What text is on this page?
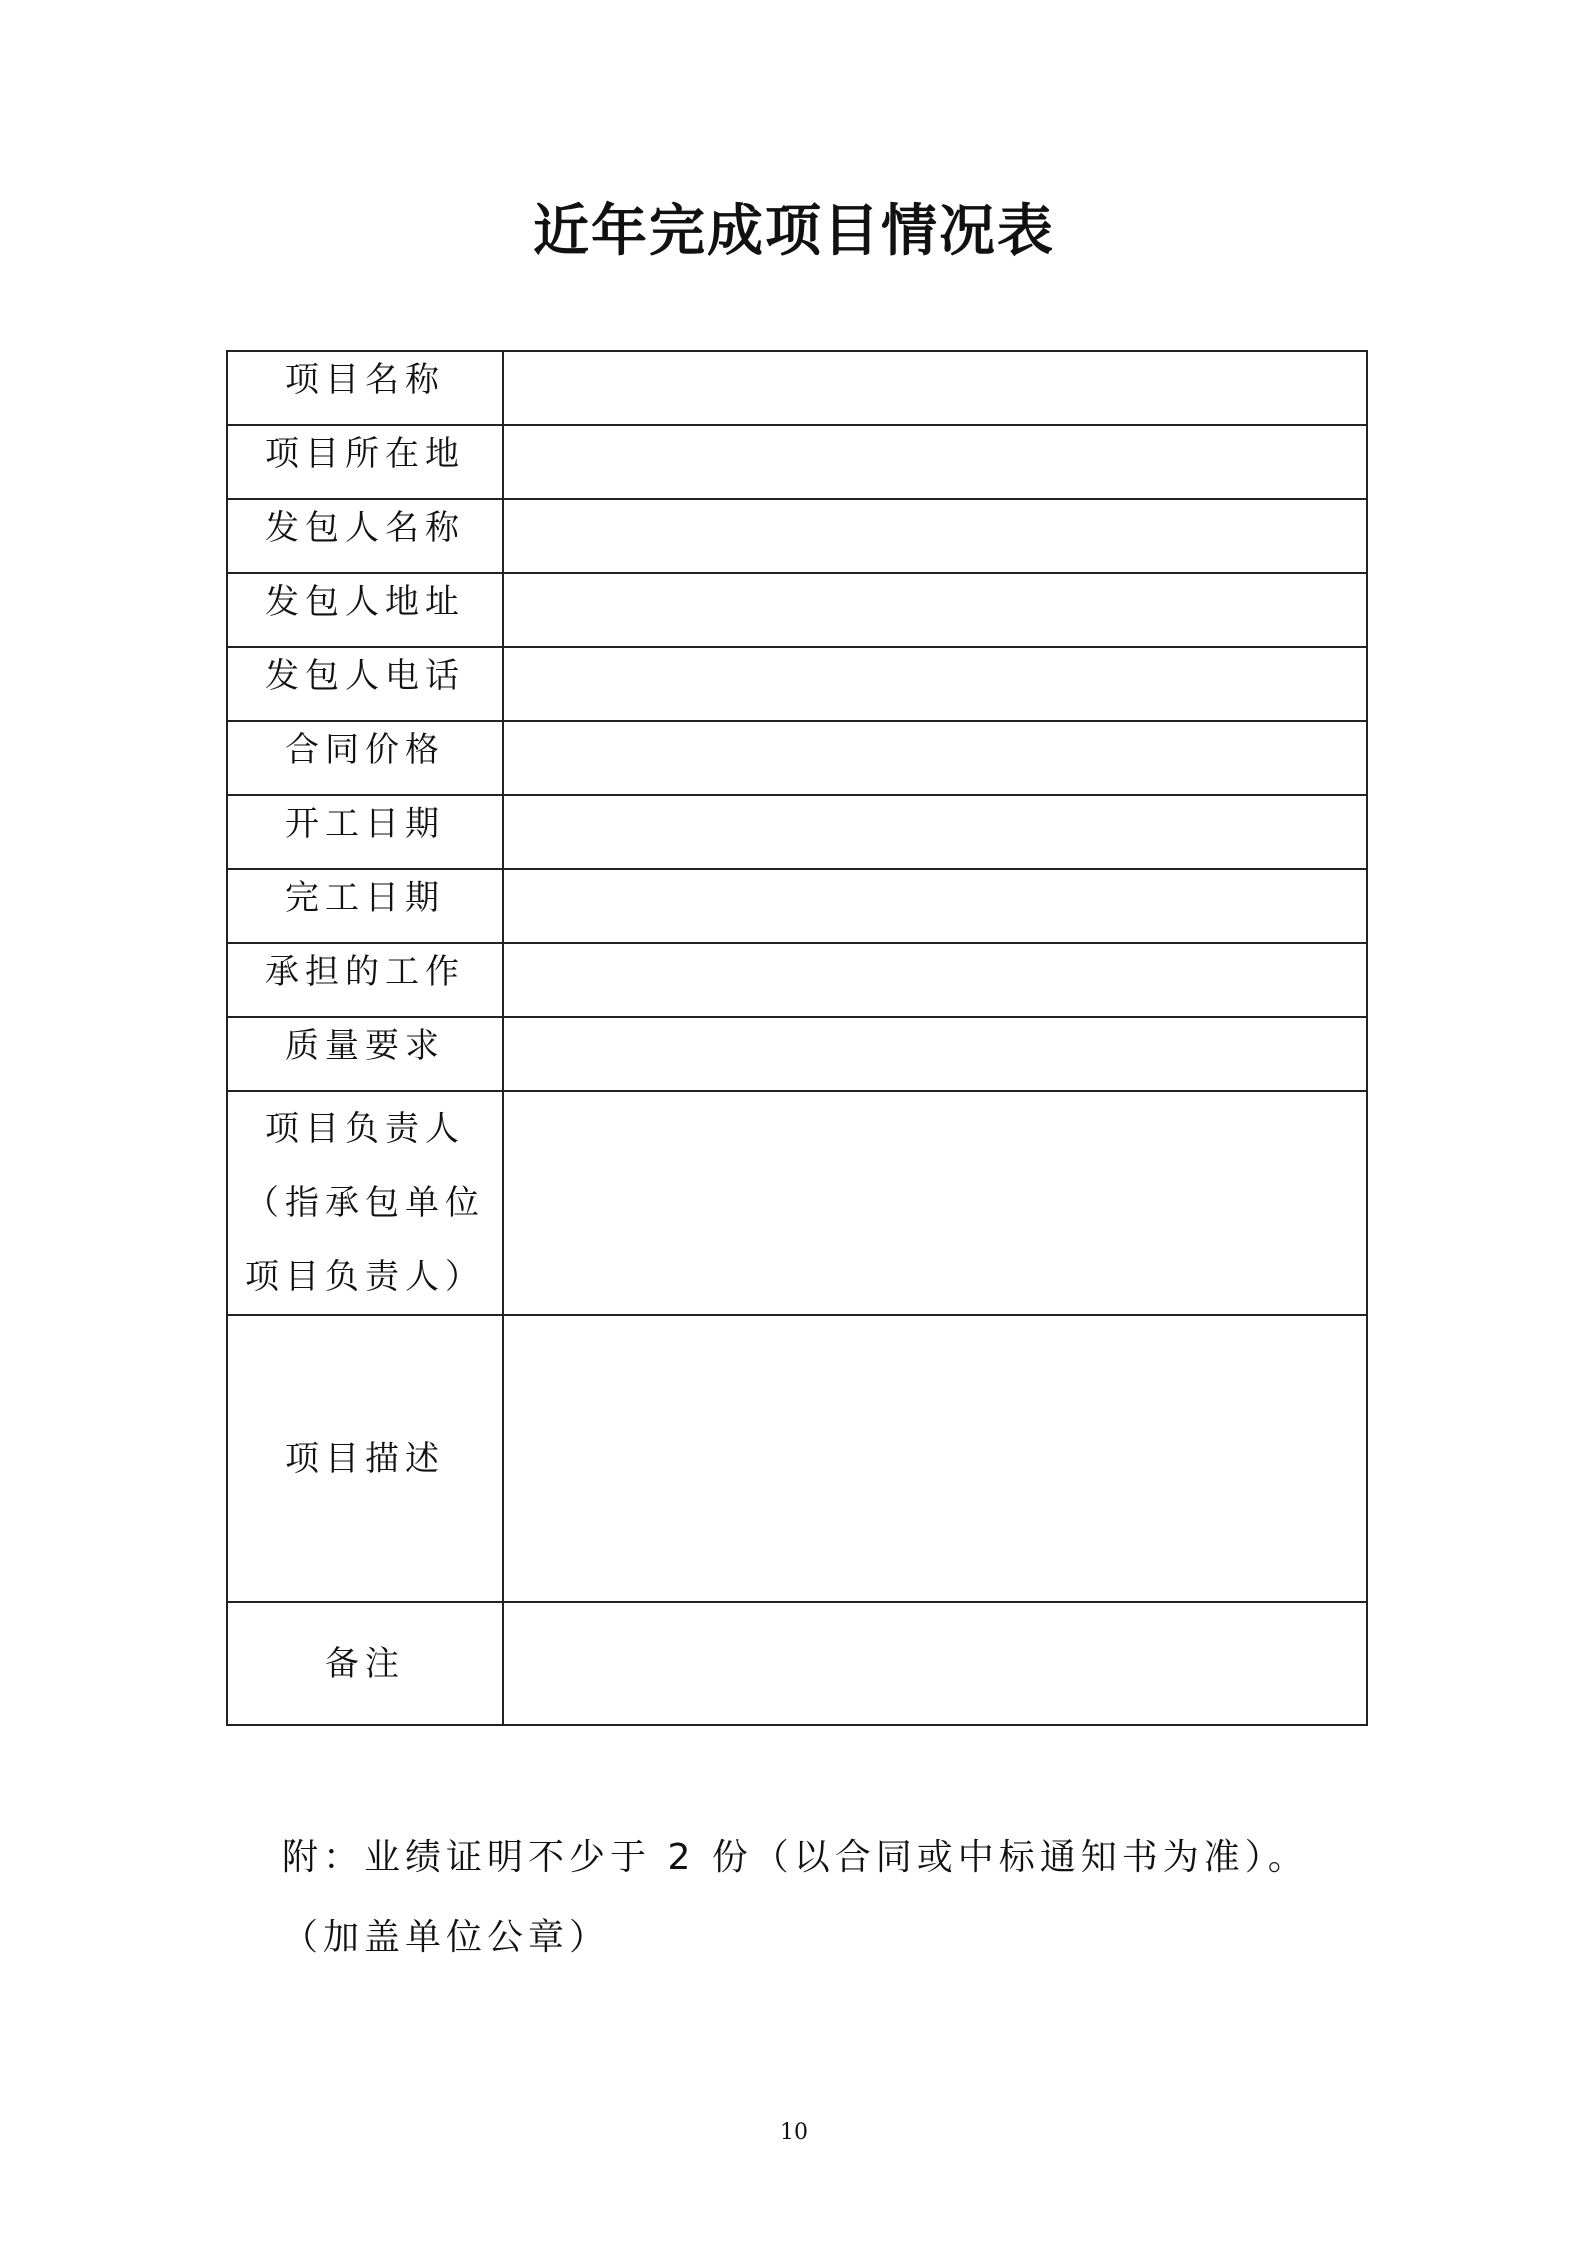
近年完成项目情况表
项目名称	
项目所在地	
发包人名称	
发包人地址	
发包人电话	
合同价格	
开工日期	
完工日期	
承担的工作	
质量要求	

项目负责人
（指承包单位
项目负责人）	

项目描述	
备注	
附：业绩证明不少于 2 份（以合同或中标通知书为准）。
（加盖单位公章）
10
